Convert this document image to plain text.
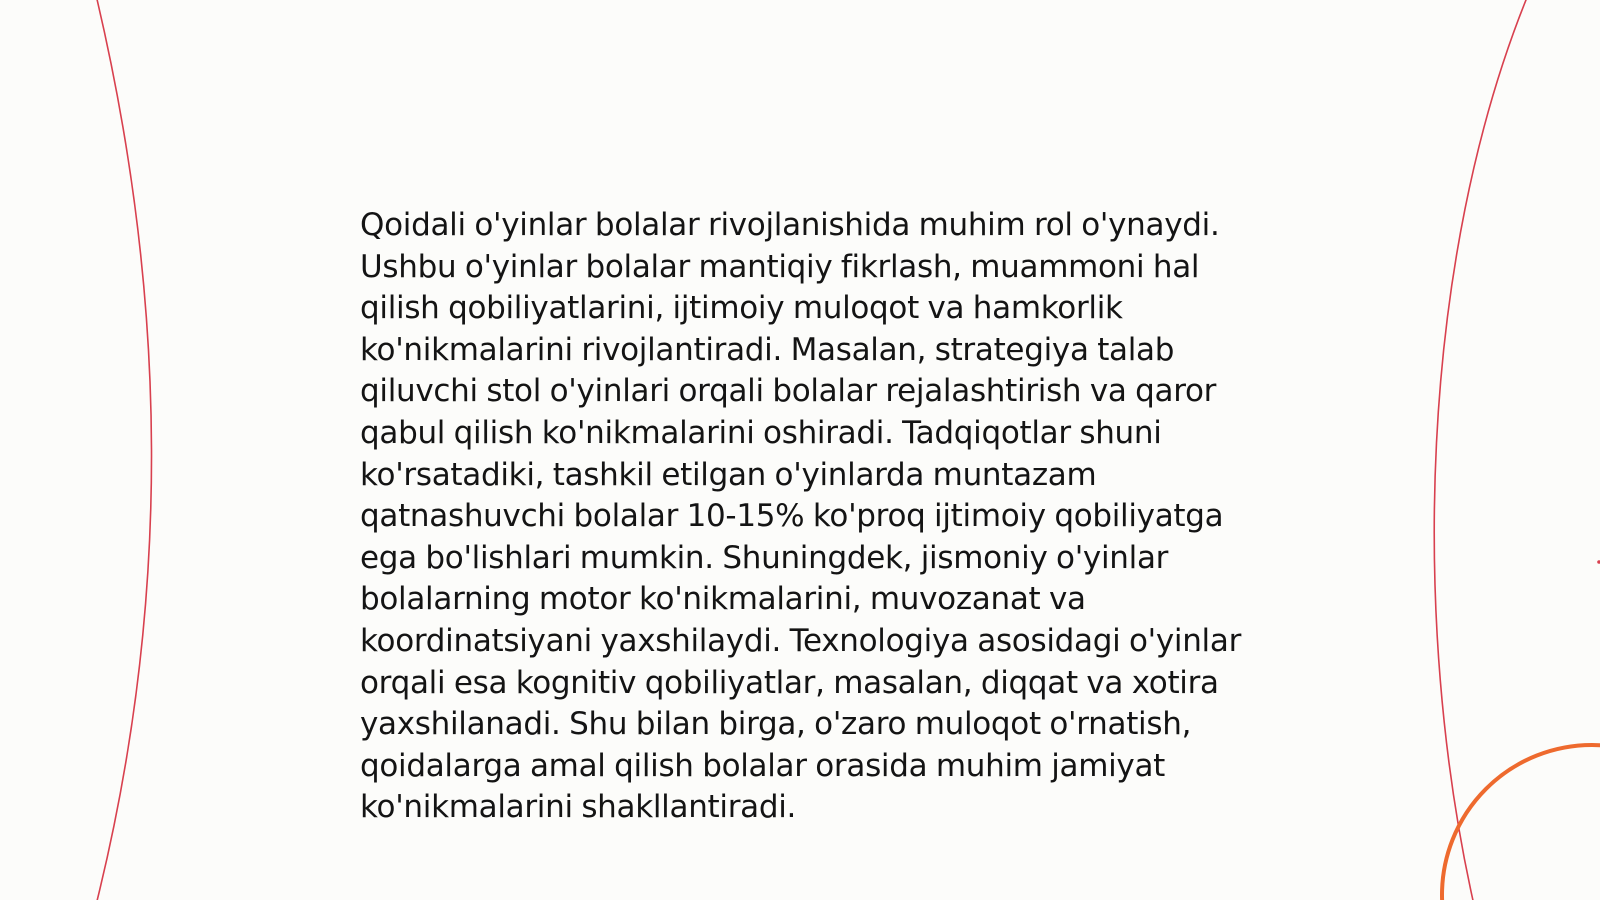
Qoidali o'yinlar bolalar rivojlanishida muhim rol o'ynaydi. Ushbu o'yinlar bolalar mantiqiy fikrlash, muammoni hal qilish qobiliyatlarini, ijtimoiy muloqot va hamkorlik ko'nikmalarini rivojlantiradi. Masalan, strategiya talab qiluvchi stol o'yinlari orqali bolalar rejalashtirish va qaror qabul qilish ko'nikmalarini oshiradi. Tadqiqotlar shuni ko'rsatadiki, tashkil etilgan o'yinlarda muntazam qatnashuvchi bolalar 10-15% ko'proq ijtimoiy qobiliyatga ega bo'lishlari mumkin. Shuningdek, jismoniy o'yinlar bolalarning motor ko'nikmalarini, muvozanat va koordinatsiyani yaxshilaydi. Texnologiya asosidagi o'yinlar orqali esa kognitiv qobiliyatlar, masalan, diqqat va xotira yaxshilanadi. Shu bilan birga, o'zaro muloqot o'rnatish, qoidalarga amal qilish bolalar orasida muhim jamiyat ko'nikmalarini shakllantiradi.
